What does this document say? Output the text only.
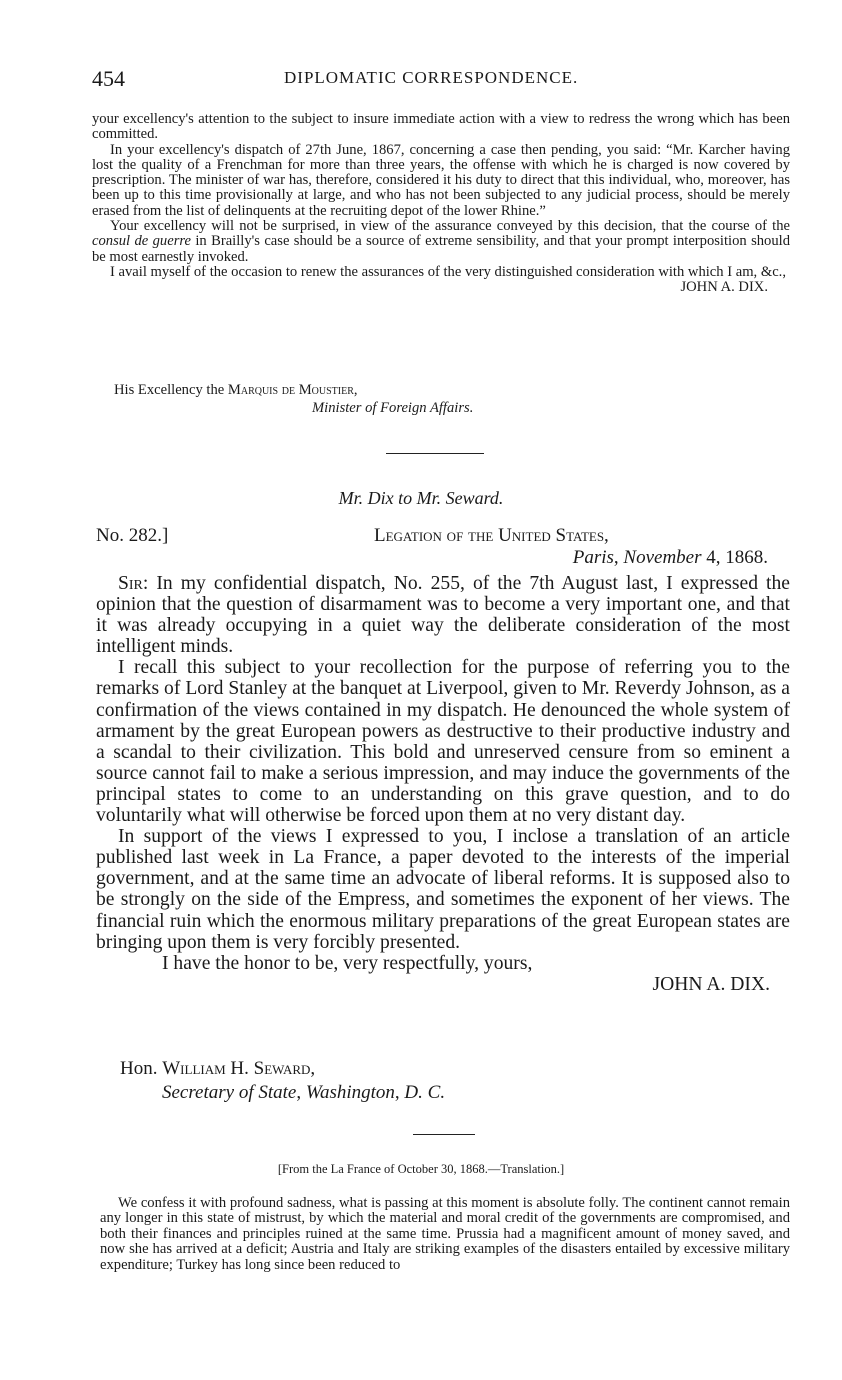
454	DIPLOMATIC CORRESPONDENCE.

your excellency's attention to the subject to insure immediate action with a view to redress the wrong which has been committed.

In your excellency's dispatch of 27th June, 1867, concerning a case then pending, you said: “Mr. Karcher having lost the quality of a Frenchman for more than three years, the offense with which he is charged is now covered by prescription. The minister of war has, therefore, considered it his duty to direct that this individual, who, moreover, has been up to this time provisionally at large, and who has not been subjected to any judicial process, should be merely erased from the list of delinquents at the recruiting depot of the lower Rhine.”

Your excellency will not be surprised, in view of the assurance conveyed by this decision, that the course of the consul de guerre in Brailly's case should be a source of extreme sensibility, and that your prompt interposition should be most earnestly invoked.

I avail myself of the occasion to renew the assurances of the very distinguished consideration with which I am, &c.,

JOHN A. DIX.
His Excellency the Marquis de Moustier,
Minister of Foreign Affairs.
Mr. Dix to Mr. Seward.
No. 282.]	Legation of the United States,
Paris, November 4, 1868.

Sir: In my confidential dispatch, No. 255, of the 7th August last, I expressed the opinion that the question of disarmament was to become a very important one, and that it was already occupying in a quiet way the deliberate consideration of the most intelligent minds.

I recall this subject to your recollection for the purpose of referring you to the remarks of Lord Stanley at the banquet at Liverpool, given to Mr. Reverdy Johnson, as a confirmation of the views contained in my dispatch. He denounced the whole system of armament by the great European powers as destructive to their productive industry and a scandal to their civilization. This bold and unreserved censure from so eminent a source cannot fail to make a serious impression, and may induce the governments of the principal states to come to an understanding on this grave question, and to do voluntarily what will otherwise be forced upon them at no very distant day.

In support of the views I expressed to you, I inclose a translation of an article published last week in La France, a paper devoted to the interests of the imperial government, and at the same time an advocate of liberal reforms. It is supposed also to be strongly on the side of the Empress, and sometimes the exponent of her views. The financial ruin which the enormous military preparations of the great European states are bringing upon them is very forcibly presented.

I have the honor to be, very respectfully, yours,

JOHN A. DIX.
Hon. William H. Seward,
Secretary of State, Washington, D. C.
[From the La France of October 30, 1868.—Translation.]

We confess it with profound sadness, what is passing at this moment is absolute folly. The continent cannot remain any longer in this state of mistrust, by which the material and moral credit of the governments are compromised, and both their finances and principles ruined at the same time. Prussia had a magnificent amount of money saved, and now she has arrived at a deficit; Austria and Italy are striking examples of the disasters entailed by excessive military expenditure; Turkey has long since been reduced to
